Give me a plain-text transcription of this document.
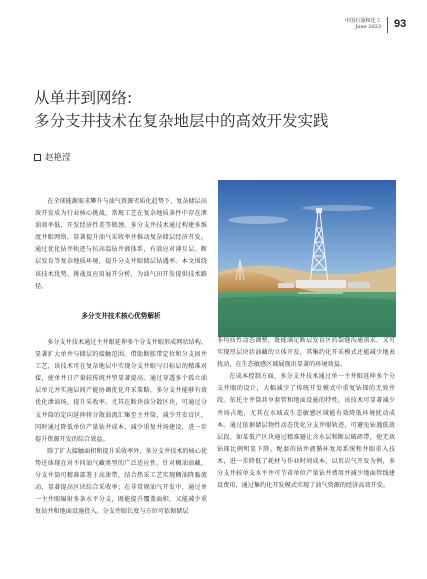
中国石油和化工
June 2023 93
从单井到网络:
多分支井技术在复杂地层中的高效开发实践
赵艳滢

在全球能源需求攀升与油气资源劣质化趋势下，复杂储层高效开发成为行业核心挑战。常规工艺在复杂地质条件中存在泄油效率低、开发经济性差等瓶颈。多分支井技术通过构建多维度井眼网络，显著提升油气采收率并推动复杂储层经济开发。通过优化钻井轨迹与抗高温钻井液体系，有效应对薄互层、断层发育等复杂地质环境，提升分支井眼储层钻遇率。本文围绕该技术优势、挑战及应用展开分析，为油气田开发提供技术路径。

多分支井技术核心优势解析

多分支井技术通过主井眼延伸多个分支井眼形成网状结构，显著扩大单井与储层的接触范围。借助断胀带定位和分支固井工艺，该技术可在复杂地层中实现分支井眼与目标层的精准对接，使单井日产量较传统井型显著提高。通过穿透多个孤立油层单元并实施层间产能协调优化开采策略，多分支井能够有效优化泄油场，提升采收率。尤其在断块油分散区块，可通过分支井筒的定向延伸将分散油流汇集至主井筒，减少开发盲区，同时通过降低单位产量钻井成本，减少重复井场建设，进一步提升资源开发的综合效益。

除了扩大接触面积和提升采收率外，多分支井技术的核心优势还体现在对不同油气藏类型的广泛适应性。针对稠油油藏，分支井筒可精准部署于高渗带，结合热采工艺实现稠油降黏流动，显著提高区块综合采收率；在非常规油气开发中，通过单一主井眼辐射多条水平分支，既能提升覆盖面积，又能减少重复钻井和地面设施投入。分支井眼长度与方位可依据储层

非均质性动态调整，既能满足断层发育区的裂缝沟通需求，又可实现厚层块状油藏的立体开发，其集约化开采模式还能减少地表扰动，在生态敏感区域展现出显著的环境效益。

在成本控制方面，多分支井技术通过单一主井眼延伸多个分支井眼的设计，大幅减少了传统开发模式中重复钻探的无效井段。依托主井筒共享套管和地面设施的特性，该技术可显著减少井场占地，尤其在水域或生态敏感区域能有效降低环境扰动成本。通过依据储层物性动态优化分支井眼轨迹，可避免钻遇低效层段，如某低产区块通过精准避让含水层和断层破碎带，使无效钻探比例明显下降。配套的钻井液循环复用系统和井眼重入技术，进一步降低了耗材与作业时间成本，以页岩气开发为例，多分支井较单支水平井可节省单位产量钻井费用并减少地面管线建设费用，通过集约化开发模式实现了油气资源的经济高效开发。
